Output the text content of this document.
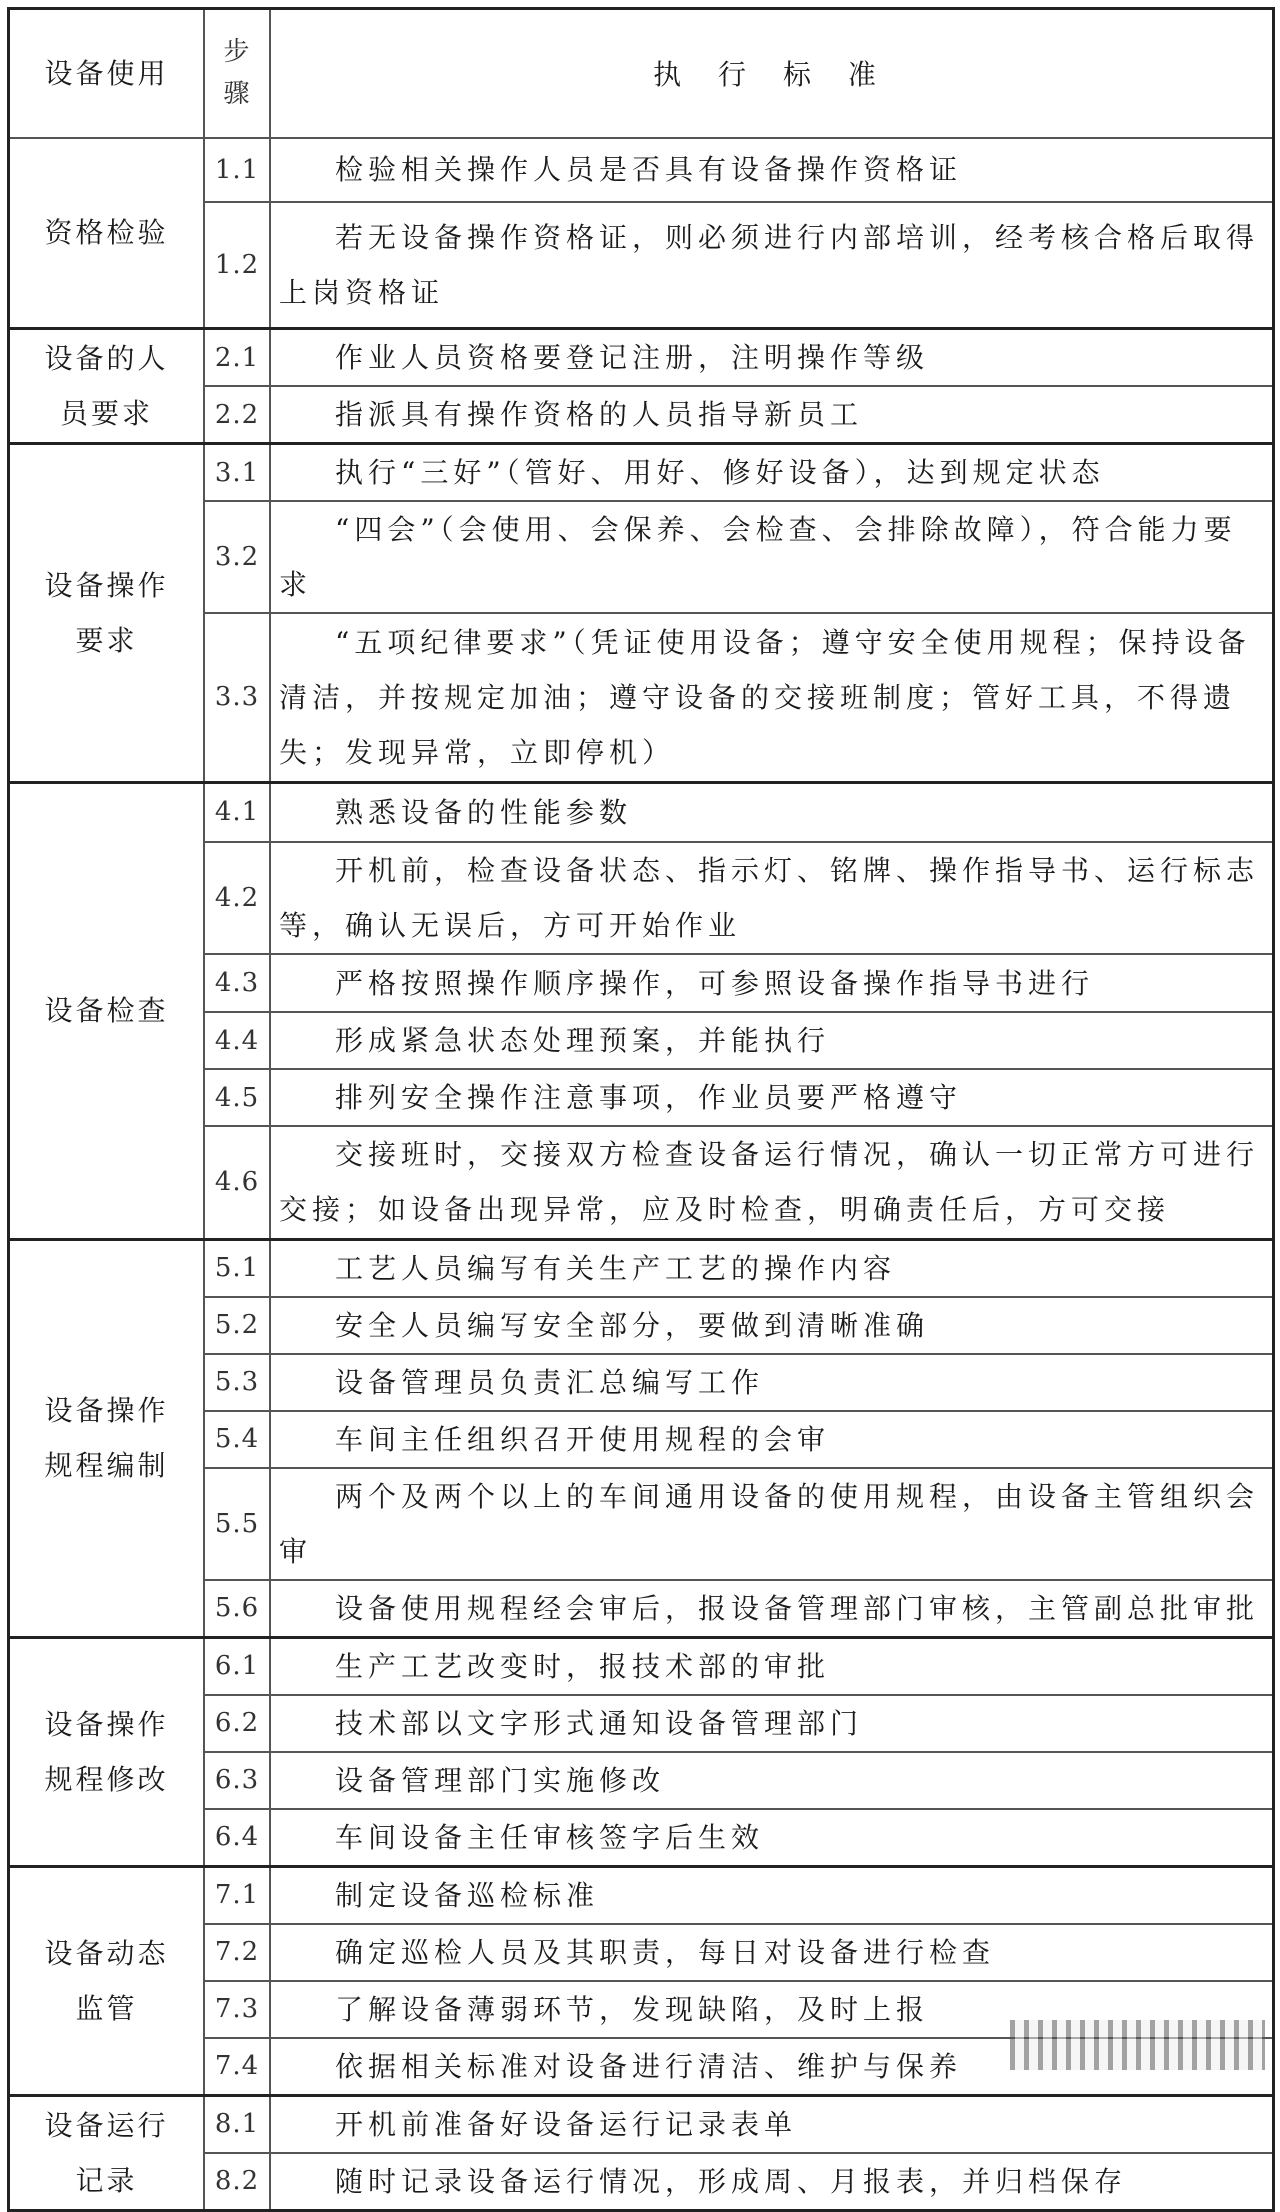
设备使用	步骤	执 行 标 准
资格检验	1.1	检验相关操作人员是否具有设备操作资格证
	1.2	若无设备操作资格证，则必须进行内部培训，经考核合格后取得上岗资格证
设备的人员要求	2.1	作业人员资格要登记注册，注明操作等级
	2.2	指派具有操作资格的人员指导新员工
设备操作要求	3.1	执行“三好”（管好、用好、修好设备），达到规定状态
	3.2	“四会”（会使用、会保养、会检查、会排除故障），符合能力要求
	3.3	“五项纪律要求”（凭证使用设备；遵守安全使用规程；保持设备清洁，并按规定加油；遵守设备的交接班制度；管好工具，不得遗失；发现异常，立即停机）
设备检查	4.1	熟悉设备的性能参数
	4.2	开机前，检查设备状态、指示灯、铭牌、操作指导书、运行标志等，确认无误后，方可开始作业
	4.3	严格按照操作顺序操作，可参照设备操作指导书进行
	4.4	形成紧急状态处理预案，并能执行
	4.5	排列安全操作注意事项，作业员要严格遵守
	4.6	交接班时，交接双方检查设备运行情况，确认一切正常方可进行交接；如设备出现异常，应及时检查，明确责任后，方可交接
设备操作规程编制	5.1	工艺人员编写有关生产工艺的操作内容
	5.2	安全人员编写安全部分，要做到清晰准确
	5.3	设备管理员负责汇总编写工作
	5.4	车间主任组织召开使用规程的会审
	5.5	两个及两个以上的车间通用设备的使用规程，由设备主管组织会审
	5.6	设备使用规程经会审后，报设备管理部门审核，主管副总批审批
设备操作规程修改	6.1	生产工艺改变时，报技术部的审批
	6.2	技术部以文字形式通知设备管理部门
	6.3	设备管理部门实施修改
	6.4	车间设备主任审核签字后生效
设备动态监管	7.1	制定设备巡检标准
	7.2	确定巡检人员及其职责，每日对设备进行检查
	7.3	了解设备薄弱环节，发现缺陷，及时上报
	7.4	依据相关标准对设备进行清洁、维护与保养
设备运行记录	8.1	开机前准备好设备运行记录表单
	8.2	随时记录设备运行情况，形成周、月报表，并归档保存
